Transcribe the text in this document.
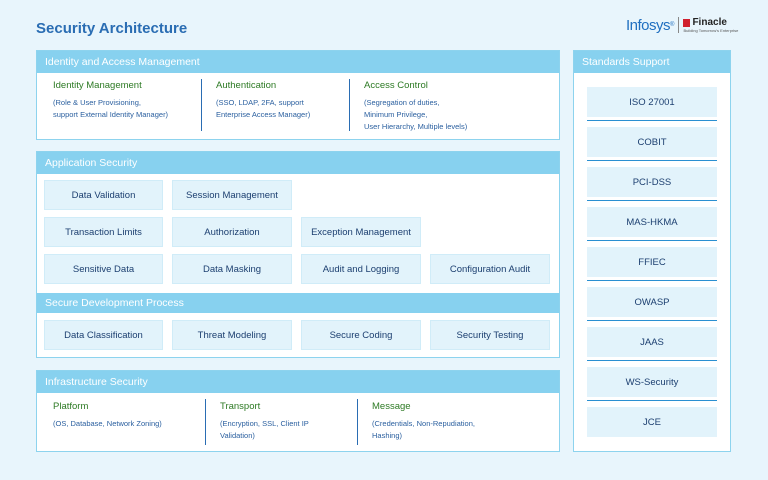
Security Architecture	Infosys ® Finacle
Building Tomorrow's Enterprise
Identity and Access Management
Identity Management
(Role & User Provisioning,
support External Identity Manager)
Authentication
(SSO, LDAP, 2FA, support
Enterprise Access Manager)
Access Control
(Segregation of duties,
Minimum Privilege,
User Hierarchy, Multiple levels)
Application Security
Data Validation	Session Management
Transaction Limits	Authorization	Exception Management
Sensitive Data	Data Masking	Audit and Logging	Configuration Audit
Secure Development Process
Data Classification	Threat Modeling	Secure Coding	Security Testing
Infrastructure Security
Platform
(OS, Database, Network Zoning)
Transport
(Encryption, SSL, Client IP
Validation)
Message
(Credentials, Non-Repudiation,
Hashing)
Standards Support
ISO 27001
COBIT
PCI-DSS
MAS-HKMA
FFIEC
OWASP
JAAS
WS-Security
JCE
